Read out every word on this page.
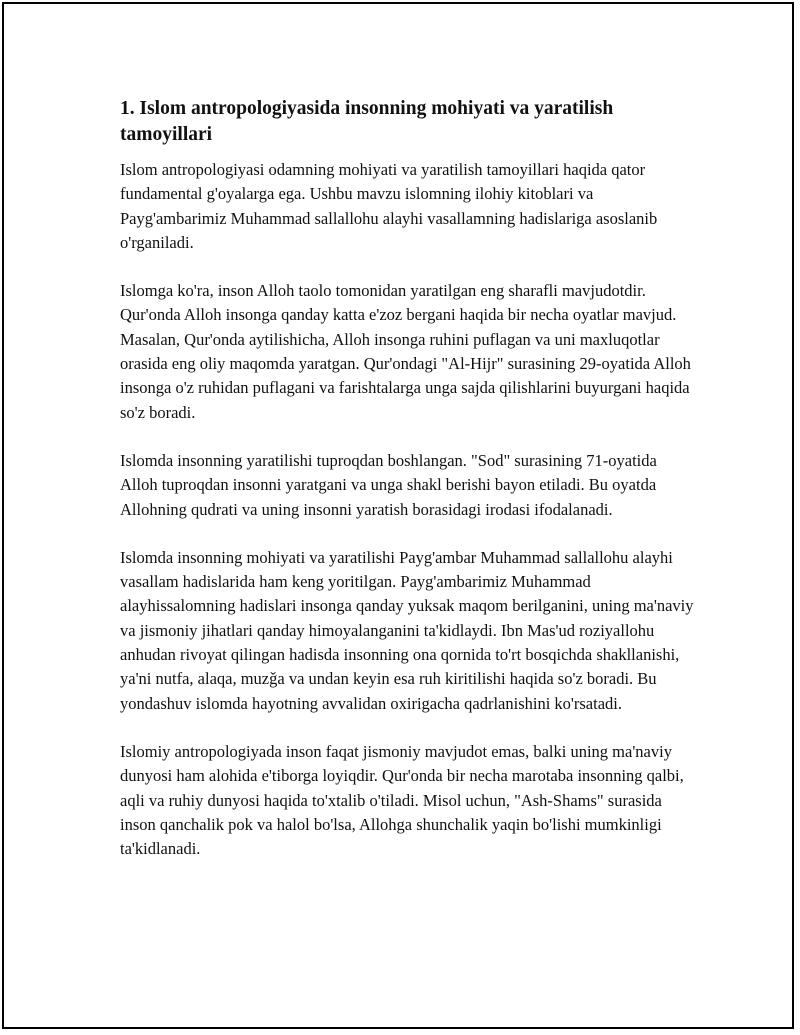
1. Islom antropologiyasida insonning mohiyati va yaratilish tamoyillari

Islom antropologiyasi odamning mohiyati va yaratilish tamoyillari haqida qator fundamental g'oyalarga ega. Ushbu mavzu islomning ilohiy kitoblari va Payg'ambarimiz Muhammad sallallohu alayhi vasallamning hadislariga asoslanib o'rganiladi.

Islomga ko'ra, inson Alloh taolo tomonidan yaratilgan eng sharafli mavjudotdir. Qur'onda Alloh insonga qanday katta e'zoz bergani haqida bir necha oyatlar mavjud. Masalan, Qur'onda aytilishicha, Alloh insonga ruhini puflagan va uni maxluqotlar orasida eng oliy maqomda yaratgan. Qur'ondagi "Al-Hijr" surasining 29-oyatida Alloh insonga o'z ruhidan puflagani va farishtalarga unga sajda qilishlarini buyurgani haqida so'z boradi.

Islomda insonning yaratilishi tuproqdan boshlangan. "Sod" surasining 71-oyatida Alloh tuproqdan insonni yaratgani va unga shakl berishi bayon etiladi. Bu oyatda Allohning qudrati va uning insonni yaratish borasidagi irodasi ifodalanadi.

Islomda insonning mohiyati va yaratilishi Payg'ambar Muhammad sallallohu alayhi vasallam hadislarida ham keng yoritilgan. Payg'ambarimiz Muhammad alayhissalomning hadislari insonga qanday yuksak maqom berilganini, uning ma'naviy va jismoniy jihatlari qanday himoyalanganini ta'kidlaydi. Ibn Mas'ud roziyallohu anhudan rivoyat qilingan hadisda insonning ona qornida to'rt bosqichda shakllanishi, ya'ni nutfa, alaqa, muzǧa va undan keyin esa ruh kiritilishi haqida so'z boradi. Bu yondashuv islomda hayotning avvalidan oxirigacha qadrlanishini ko'rsatadi.

Islomiy antropologiyada inson faqat jismoniy mavjudot emas, balki uning ma'naviy dunyosi ham alohida e'tiborga loyiqdir. Qur'onda bir necha marotaba insonning qalbi, aqli va ruhiy dunyosi haqida to'xtalib o'tiladi. Misol uchun, "Ash-Shams" surasida inson qanchalik pok va halol bo'lsa, Allohga shunchalik yaqin bo'lishi mumkinligi ta'kidlanadi.
